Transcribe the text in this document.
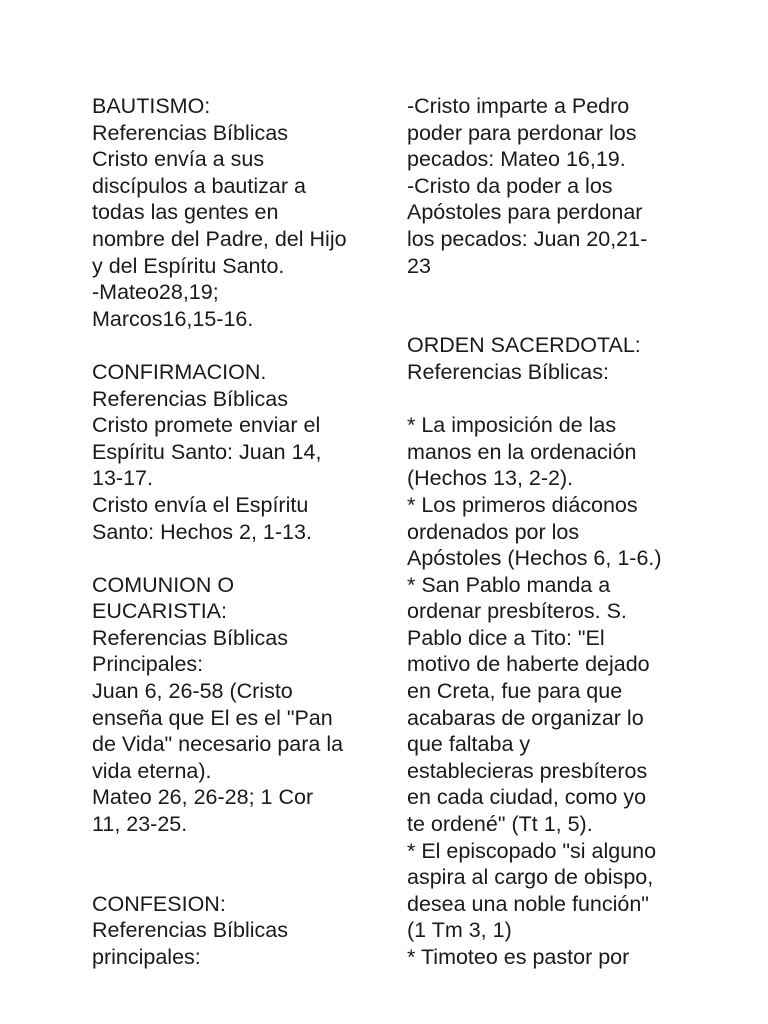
BAUTISMO:
Referencias Bíblicas
Cristo envía a sus
discípulos a bautizar a
todas las gentes en
nombre del Padre, del Hijo
y del Espíritu Santo.
-Mateo28,19;
Marcos16,15-16.
CONFIRMACION.
Referencias Bíblicas
Cristo promete enviar el
Espíritu Santo: Juan 14,
13-17.
Cristo envía el Espíritu
Santo: Hechos 2, 1-13.
COMUNION O
EUCARISTIA:
Referencias Bíblicas
Principales:
Juan 6, 26-58 (Cristo
enseña que El es el "Pan
de Vida" necesario para la
vida eterna).
Mateo 26, 26-28; 1 Cor
11, 23-25.
CONFESION:
Referencias Bíblicas
principales:
-Cristo imparte a Pedro
poder para perdonar los
pecados: Mateo 16,19.
-Cristo da poder a los
Apóstoles para perdonar
los pecados: Juan 20,21-
23
ORDEN SACERDOTAL:
Referencias Bíblicas:
* La imposición de las
manos en la ordenación
(Hechos 13, 2-2).
* Los primeros diáconos
ordenados por los
Apóstoles (Hechos 6, 1-6.)
* San Pablo manda a
ordenar presbíteros. S.
Pablo dice a Tito: "El
motivo de haberte dejado
en Creta, fue para que
acabaras de organizar lo
que faltaba y
establecieras presbíteros
en cada ciudad, como yo
te ordené" (Tt 1, 5).
* El episcopado "si alguno
aspira al cargo de obispo,
desea una noble función"
(1 Tm 3, 1)
* Timoteo es pastor por
